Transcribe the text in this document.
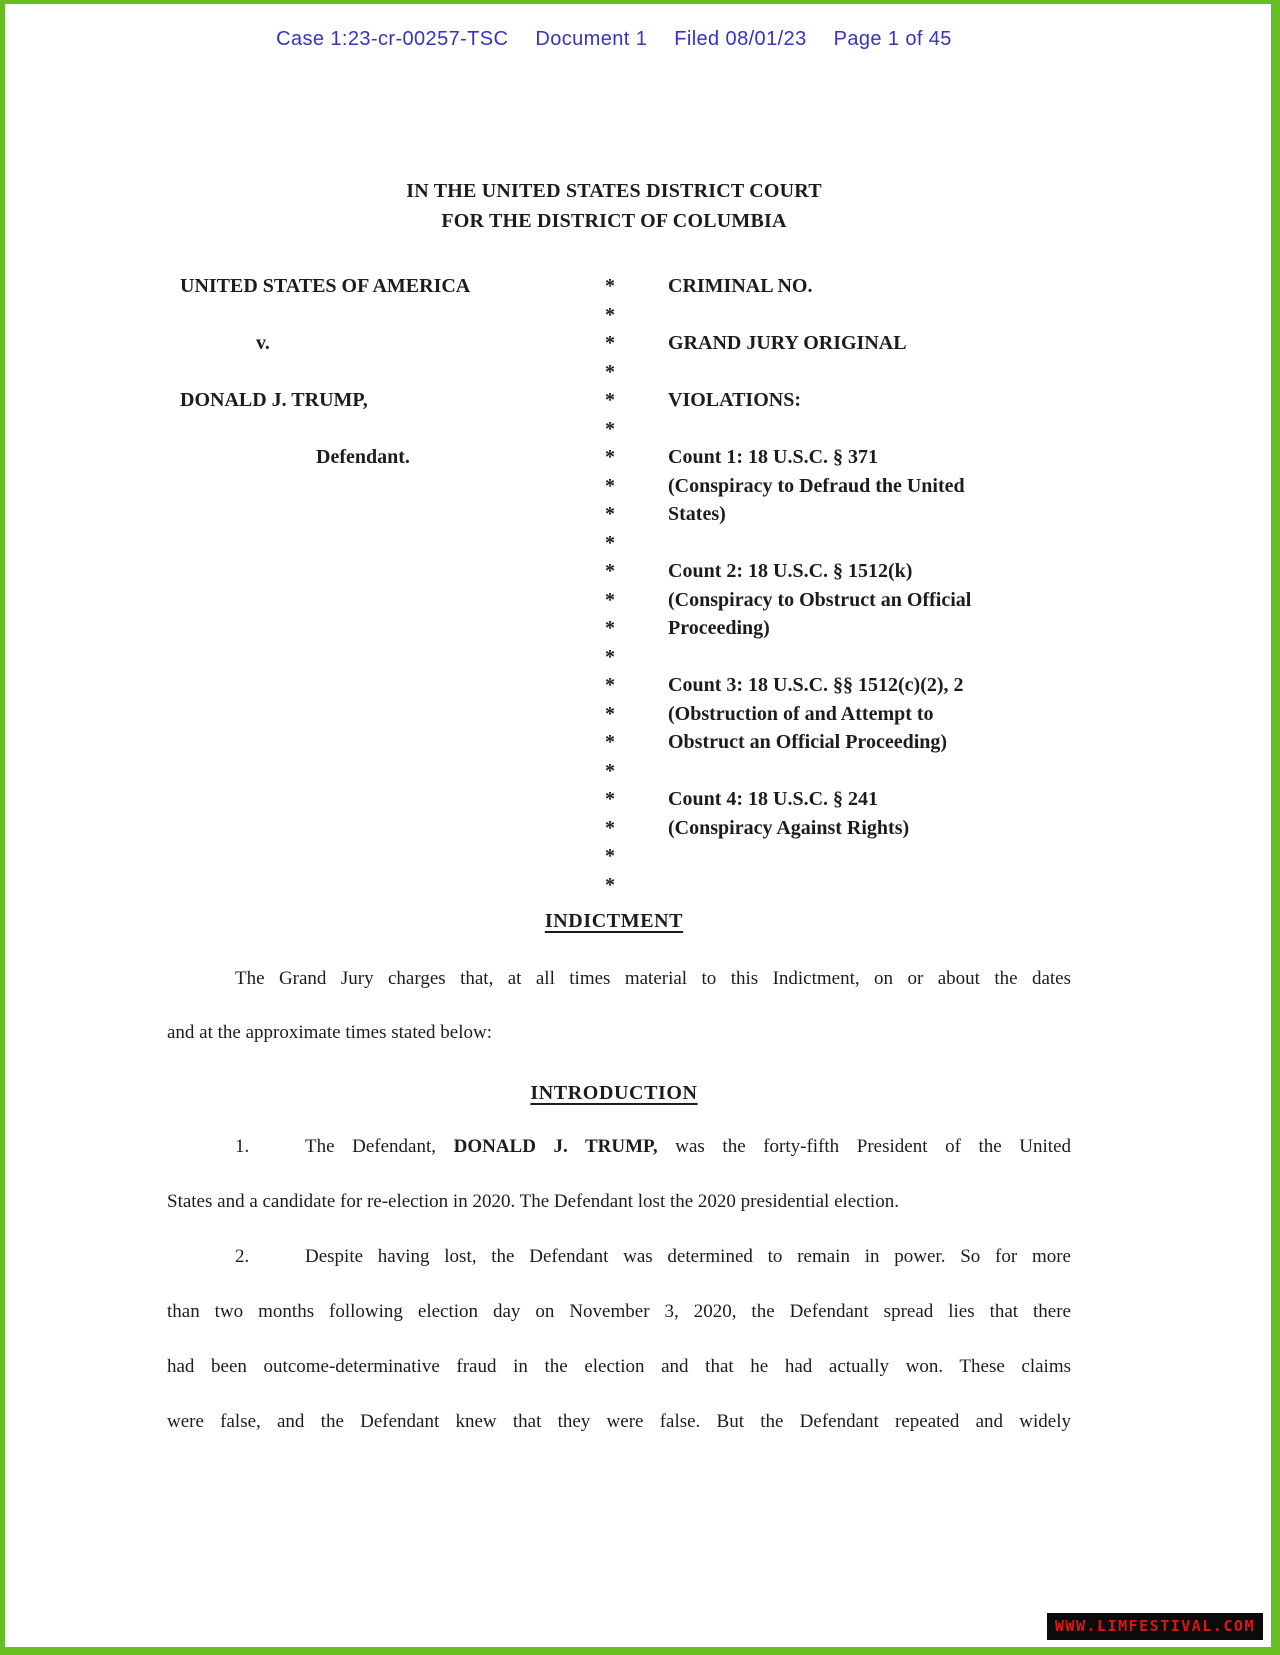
Case 1:23-cr-00257-TSC Document 1 Filed 08/01/23 Page 1 of 45
IN THE UNITED STATES DISTRICT COURT
FOR THE DISTRICT OF COLUMBIA
UNITED STATES OF AMERICA

v.

DONALD J. TRUMP,

Defendant.

*
*
*
*
*
*
*
*
*
*
*
*
*
*
*
*
*
*
*
*
*
*
CRIMINAL NO.

GRAND JURY ORIGINAL

VIOLATIONS:

Count 1: 18 U.S.C. § 371
(Conspiracy to Defraud the United
States)

Count 2: 18 U.S.C. § 1512(k)
(Conspiracy to Obstruct an Official
Proceeding)

Count 3: 18 U.S.C. §§ 1512(c)(2), 2
(Obstruction of and Attempt to
Obstruct an Official Proceeding)

Count 4: 18 U.S.C. § 241
(Conspiracy Against Rights)

INDICTMENT
The Grand Jury charges that, at all times material to this Indictment, on or about the dates
and at the approximate times stated below:
INTRODUCTION
1.	The Defendant, DONALD J. TRUMP, was the forty-fifth President of the United
States and a candidate for re-election in 2020. The Defendant lost the 2020 presidential election.
2.	Despite having lost, the Defendant was determined to remain in power. So for more
than two months following election day on November 3, 2020, the Defendant spread lies that there
had been outcome-determinative fraud in the election and that he had actually won. These claims
were false, and the Defendant knew that they were false. But the Defendant repeated and widely
WWW.LIMFESTIVAL.COM
